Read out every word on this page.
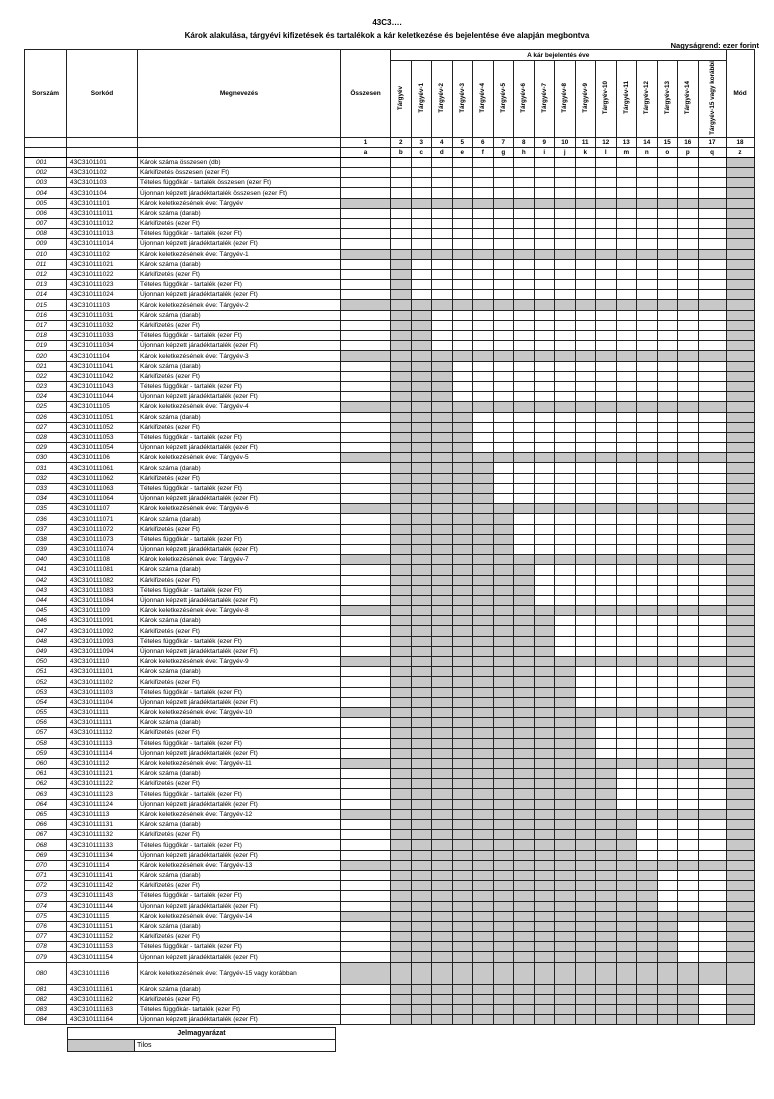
43C3….
Károk alakulása, tárgyévi kifizetések és tartalékok a kár keletkezése és bejelentése éve alapján megbontva
Nagyságrend: ezer forint
Sorszám	Sorkód	Megnevezés	Összesen	A kár bejelentés éve																Mód
				Tárgyév	Tárgyév-1	Tárgyév-2	Tárgyév-3	Tárgyév-4	Tárgyév-5	Tárgyév-6	Tárgyév-7	Tárgyév-8	Tárgyév-9	Tárgyév-10	Tárgyév-11	Tárgyév-12	Tárgyév-13	Tárgyév-14	Tárgyév-15 vagy korábbi	
			1	2	3	4	5	6	7	8	9	10	11	12	13	14	15	16	17	18
			a	b	c	d	e	f	g	h	i	j	k	l	m	n	o	p	q	z
001	43C3101101	Károk száma összesen (db)																		
002	43C3101102	Kárkifizetés összesen (ezer Ft)																		
003	43C3101103	Tételes függőkár - tartalék összesen (ezer Ft)																		
004	43C3101104	Újonnan képzett járadéktartalék összesen (ezer Ft)																		
005	43C31011101	Károk keletkezésének éve: Tárgyév																		
006	43C310111011	Károk száma (darab)																		
007	43C310111012	Kárkifizetés (ezer Ft)																		
008	43C310111013	Tételes függőkár - tartalék (ezer Ft)																		
009	43C310111014	Újonnan képzett járadéktartalék (ezer Ft)																		
010	43C31011102	Károk keletkezésének éve: Tárgyév-1																		
011	43C310111021	Károk száma (darab)																		
012	43C310111022	Kárkifizetés (ezer Ft)																		
013	43C310111023	Tételes függőkár - tartalék (ezer Ft)																		
014	43C310111024	Újonnan képzett járadéktartalék (ezer Ft)																		
015	43C31011103	Károk keletkezésének éve: Tárgyév-2																		
016	43C310111031	Károk száma (darab)																		
017	43C310111032	Kárkifizetés (ezer Ft)																		
018	43C310111033	Tételes függőkár - tartalék (ezer Ft)																		
019	43C310111034	Újonnan képzett járadéktartalék (ezer Ft)																		
020	43C31011104	Károk keletkezésének éve: Tárgyév-3																		
021	43C310111041	Károk száma (darab)																		
022	43C310111042	Kárkifizetés (ezer Ft)																		
023	43C310111043	Tételes függőkár - tartalék (ezer Ft)																		
024	43C310111044	Újonnan képzett járadéktartalék (ezer Ft)																		
025	43C31011105	Károk keletkezésének éve: Tárgyév-4																		
026	43C310111051	Károk száma (darab)																		
027	43C310111052	Kárkifizetés (ezer Ft)																		
028	43C310111053	Tételes függőkár - tartalék (ezer Ft)																		
029	43C310111054	Újonnan képzett járadéktartalék (ezer Ft)																		
030	43C31011106	Károk keletkezésének éve: Tárgyév-5																		
031	43C310111061	Károk száma (darab)																		
032	43C310111062	Kárkifizetés (ezer Ft)																		
033	43C310111063	Tételes függőkár - tartalék (ezer Ft)																		
034	43C310111064	Újonnan képzett járadéktartalék (ezer Ft)																		
035	43C31011107	Károk keletkezésének éve: Tárgyév-6																		
036	43C310111071	Károk száma (darab)																		
037	43C310111072	Kárkifizetés (ezer Ft)																		
038	43C310111073	Tételes függőkár - tartalék (ezer Ft)																		
039	43C310111074	Újonnan képzett járadéktartalék (ezer Ft)																		
040	43C31011108	Károk keletkezésének éve: Tárgyév-7																		
041	43C310111081	Károk száma (darab)																		
042	43C310111082	Kárkifizetés (ezer Ft)																		
043	43C310111083	Tételes függőkár - tartalék (ezer Ft)																		
044	43C310111084	Újonnan képzett járadéktartalék (ezer Ft)																		
045	43C31011109	Károk keletkezésének éve: Tárgyév-8																		
046	43C310111091	Károk száma (darab)																		
047	43C310111092	Kárkifizetés (ezer Ft)																		
048	43C310111093	Tételes függőkár - tartalék (ezer Ft)																		
049	43C310111094	Újonnan képzett járadéktartalék (ezer Ft)																		
050	43C31011110	Károk keletkezésének éve: Tárgyév-9																		
051	43C310111101	Károk száma (darab)																		
052	43C310111102	Kárkifizetés (ezer Ft)																		
053	43C310111103	Tételes függőkár - tartalék (ezer Ft)																		
054	43C310111104	Újonnan képzett járadéktartalék (ezer Ft)																		
055	43C31011111	Károk keletkezésének éve: Tárgyév-10																		
056	43C310111111	Károk száma (darab)																		
057	43C310111112	Kárkifizetés (ezer Ft)																		
058	43C310111113	Tételes függőkár - tartalék (ezer Ft)																		
059	43C310111114	Újonnan képzett járadéktartalék (ezer Ft)																		
060	43C31011112	Károk keletkezésének éve: Tárgyév-11																		
061	43C310111121	Károk száma (darab)																		
062	43C310111122	Kárkifizetés (ezer Ft)																		
063	43C310111123	Tételes függőkár - tartalék (ezer Ft)																		
064	43C310111124	Újonnan képzett járadéktartalék (ezer Ft)																		
065	43C31011113	Károk keletkezésének éve: Tárgyév-12																		
066	43C310111131	Károk száma (darab)																		
067	43C310111132	Kárkifizetés (ezer Ft)																		
068	43C310111133	Tételes függőkár - tartalék (ezer Ft)																		
069	43C310111134	Újonnan képzett járadéktartalék (ezer Ft)																		
070	43C31011114	Károk keletkezésének éve: Tárgyév-13																		
071	43C310111141	Károk száma (darab)																		
072	43C310111142	Kárkifizetés (ezer Ft)																		
073	43C310111143	Tételes függőkár - tartalék (ezer Ft)																		
074	43C310111144	Újonnan képzett járadéktartalék (ezer Ft)																		
075	43C31011115	Károk keletkezésének éve: Tárgyév-14																		
076	43C310111151	Károk száma (darab)																		
077	43C310111152	Kárkifizetés (ezer Ft)																		
078	43C310111153	Tételes függőkár - tartalék (ezer Ft)																		
079	43C310111154	Újonnan képzett járadéktartalék (ezer Ft)																		
080	43C31011116	Károk keletkezésének éve: Tárgyév-15 vagy korábban																		
081	43C310111161	Károk száma (darab)																		
082	43C310111162	Kárkifizetés (ezer Ft)																		
083	43C310111163	Tételes függőkár- tartalék (ezer Ft)																		
084	43C310111164	Újonnan képzett járadéktartalék (ezer Ft)																		
Jelmagyarázat
	Tilos
